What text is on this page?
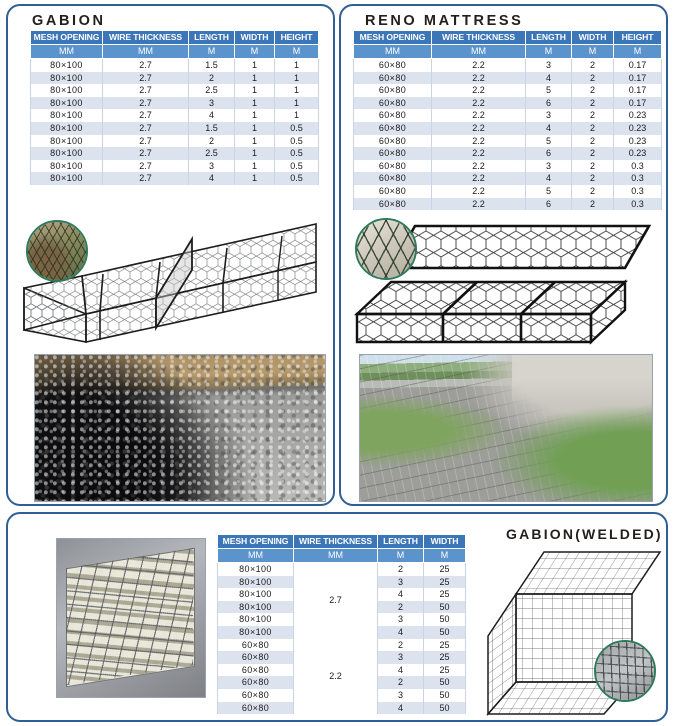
GABION
MESH OPENING	WIRE THICKNESS	LENGTH	WIDTH	HEIGHT
MM	MM	M	M	M
80×100	2.7	1.5	1	1
80×100	2.7	2	1	1
80×100	2.7	2.5	1	1
80×100	2.7	3	1	1
80×100	2.7	4	1	1
80×100	2.7	1.5	1	0.5
80×100	2.7	2	1	0.5
80×100	2.7	2.5	1	0.5
80×100	2.7	3	1	0.5
80×100	2.7	4	1	0.5
RENO MATTRESS
MESH OPENING	WIRE THICKNESS	LENGTH	WIDTH	HEIGHT
MM	MM	M	M	M
60×80	2.2	3	2	0.17
60×80	2.2	4	2	0.17
60×80	2.2	5	2	0.17
60×80	2.2	6	2	0.17
60×80	2.2	3	2	0.23
60×80	2.2	4	2	0.23
60×80	2.2	5	2	0.23
60×80	2.2	6	2	0.23
60×80	2.2	3	2	0.3
60×80	2.2	4	2	0.3
60×80	2.2	5	2	0.3
60×80	2.2	6	2	0.3
MESH OPENING	WIRE THICKNESS	LENGTH	WIDTH
MM	MM	M	M
80×100	2.7	2	25
80×100		3	25
80×100		4	25
80×100		2	50
80×100		3	50
80×100		4	50
60×80	2.2	2	25
60×80		3	25
60×80		4	25
60×80		2	50
60×80		3	50
60×80		4	50
GABION(WELDED)
